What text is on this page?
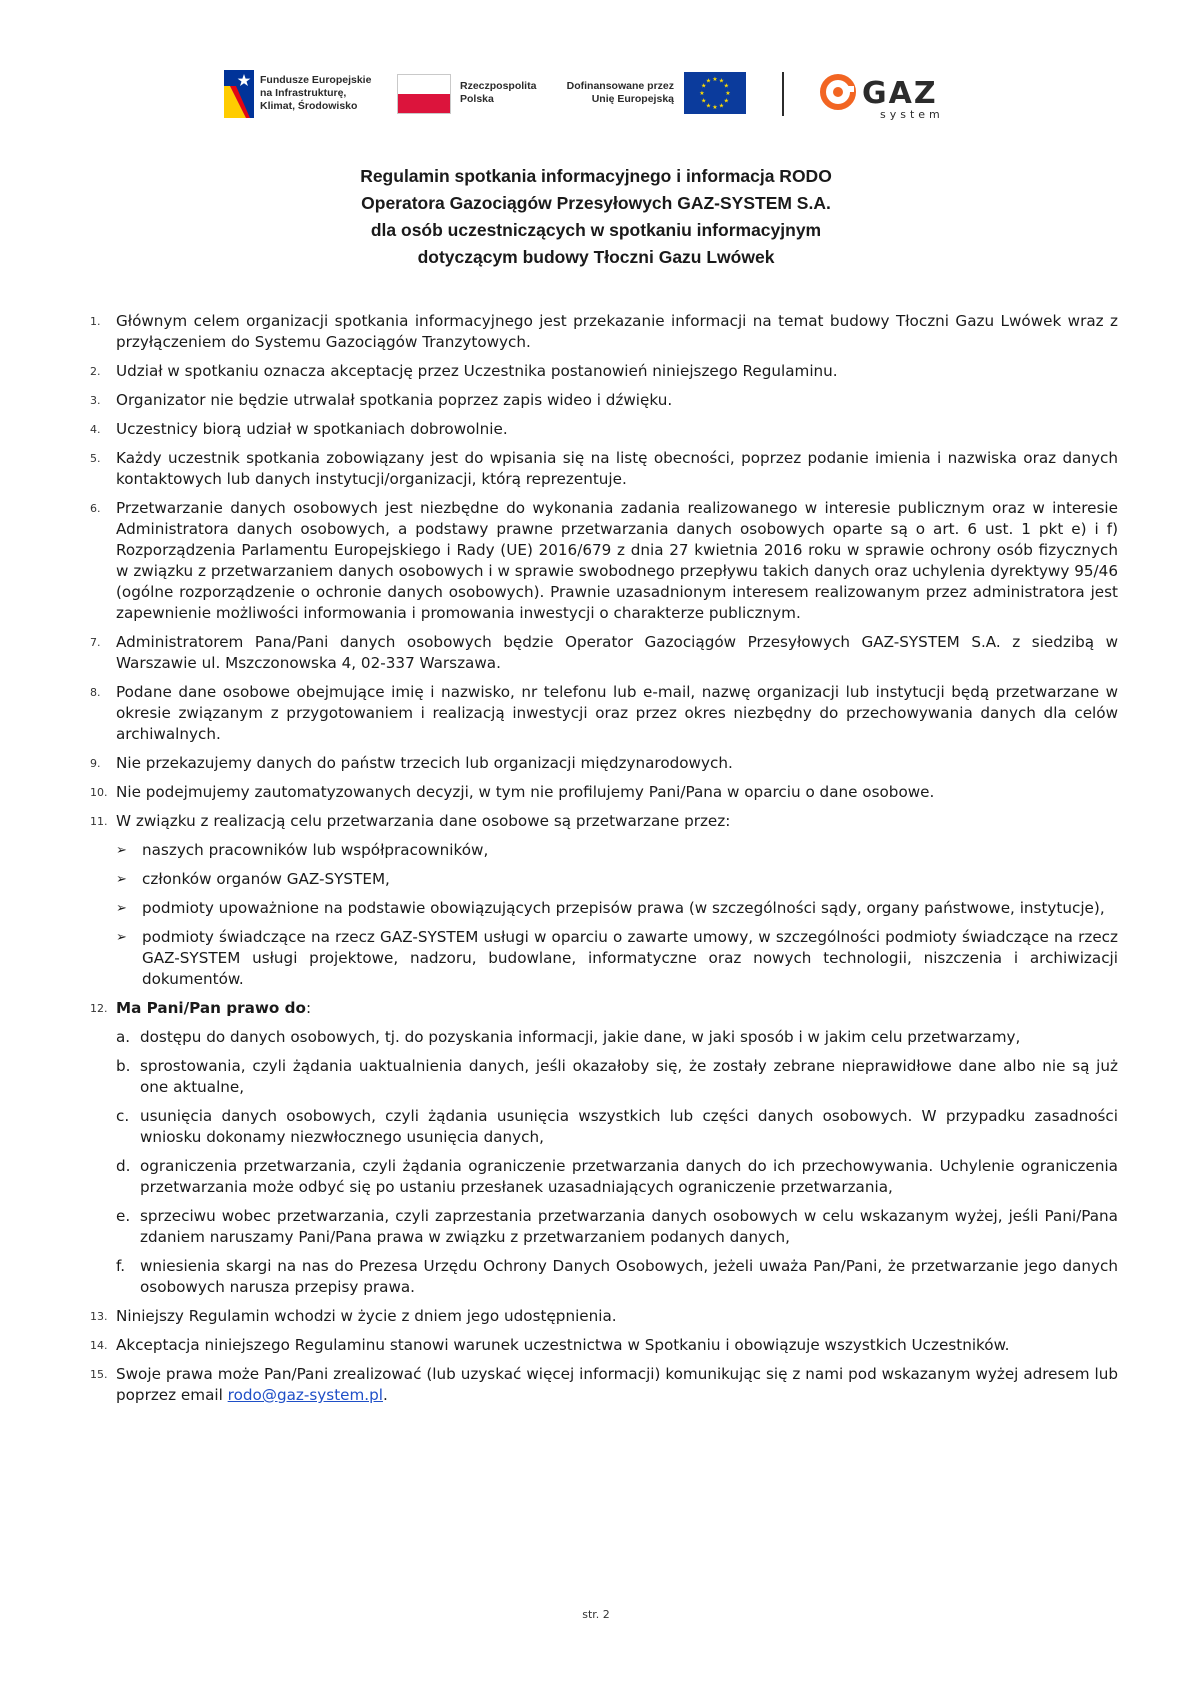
Fundusze Europejskie
na Infrastrukturę,
Klimat, Środowisko
Rzeczpospolita
Polska
Dofinansowane przez
Unię Europejską
★ ★
★
★
★
★
★
★
★
★
★
★	GAZ
system
Regulamin spotkania informacyjnego i informacja RODO
Operatora Gazociągów Przesyłowych GAZ-SYSTEM S.A.
dla osób uczestniczących w spotkaniu informacyjnym
dotyczącym budowy Tłoczni Gazu Lwówek
1. Głównym celem organizacji spotkania informacyjnego jest przekazanie informacji na temat budowy Tłoczni Gazu Lwówek wraz z przyłączeniem do Systemu Gazociągów Tranzytowych.
2. Udział w spotkaniu oznacza akceptację przez Uczestnika postanowień niniejszego Regulaminu.
3. Organizator nie będzie utrwalał spotkania poprzez zapis wideo i dźwięku.
4. Uczestnicy biorą udział w spotkaniach dobrowolnie.
5. Każdy uczestnik spotkania zobowiązany jest do wpisania się na listę obecności, poprzez podanie imienia i nazwiska oraz danych kontaktowych lub danych instytucji/organizacji, którą reprezentuje.
6. Przetwarzanie danych osobowych jest niezbędne do wykonania zadania realizowanego w interesie publicznym oraz w interesie Administratora danych osobowych, a podstawy prawne przetwarzania danych osobowych oparte są o art. 6 ust. 1 pkt e) i f) Rozporządzenia Parlamentu Europejskiego i Rady (UE) 2016/679 z dnia 27 kwietnia 2016 roku w sprawie ochrony osób fizycznych w związku z przetwarzaniem danych osobowych i w sprawie swobodnego przepływu takich danych oraz uchylenia dyrektywy 95/46 (ogólne rozporządzenie o ochronie danych osobowych). Prawnie uzasadnionym interesem realizowanym przez administratora jest zapewnienie możliwości informowania i promowania inwestycji o charakterze publicznym.
7. Administratorem Pana/Pani danych osobowych będzie Operator Gazociągów Przesyłowych GAZ-SYSTEM S.A. z siedzibą w Warszawie ul. Mszczonowska 4, 02-337 Warszawa.
8. Podane dane osobowe obejmujące imię i nazwisko, nr telefonu lub e-mail, nazwę organizacji lub instytucji będą przetwarzane w okresie związanym z przygotowaniem i realizacją inwestycji oraz przez okres niezbędny do przechowywania danych dla celów archiwalnych.
9. Nie przekazujemy danych do państw trzecich lub organizacji międzynarodowych.
10. Nie podejmujemy zautomatyzowanych decyzji, w tym nie profilujemy Pani/Pana w oparciu o dane osobowe.
11. W związku z realizacją celu przetwarzania dane osobowe są przetwarzane przez:
➢ naszych pracowników lub współpracowników,
➢ członków organów GAZ-SYSTEM,
➢ podmioty upoważnione na podstawie obowiązujących przepisów prawa (w szczególności sądy, organy państwowe, instytucje),
➢ podmioty świadczące na rzecz GAZ-SYSTEM usługi w oparciu o zawarte umowy, w szczególności podmioty świadczące na rzecz GAZ-SYSTEM usługi projektowe, nadzoru, budowlane, informatyczne oraz nowych technologii, niszczenia i archiwizacji dokumentów.
12. Ma Pani/Pan prawo do:
a. dostępu do danych osobowych, tj. do pozyskania informacji, jakie dane, w jaki sposób i w jakim celu przetwarzamy,
b. sprostowania, czyli żądania uaktualnienia danych, jeśli okazałoby się, że zostały zebrane nieprawidłowe dane albo nie są już one aktualne,
c. usunięcia danych osobowych, czyli żądania usunięcia wszystkich lub części danych osobowych. W przypadku zasadności wniosku dokonamy niezwłocznego usunięcia danych,
d. ograniczenia przetwarzania, czyli żądania ograniczenie przetwarzania danych do ich przechowywania. Uchylenie ograniczenia przetwarzania może odbyć się po ustaniu przesłanek uzasadniających ograniczenie przetwarzania,
e. sprzeciwu wobec przetwarzania, czyli zaprzestania przetwarzania danych osobowych w celu wskazanym wyżej, jeśli Pani/Pana zdaniem naruszamy Pani/Pana prawa w związku z przetwarzaniem podanych danych,
f. wniesienia skargi na nas do Prezesa Urzędu Ochrony Danych Osobowych, jeżeli uważa Pan/Pani, że przetwarzanie jego danych osobowych narusza przepisy prawa.
13. Niniejszy Regulamin wchodzi w życie z dniem jego udostępnienia.
14. Akceptacja niniejszego Regulaminu stanowi warunek uczestnictwa w Spotkaniu i obowiązuje wszystkich Uczestników.
15. Swoje prawa może Pan/Pani zrealizować (lub uzyskać więcej informacji) komunikując się z nami pod wskazanym wyżej adresem lub poprzez email rodo@gaz-system.pl.
str. 2
